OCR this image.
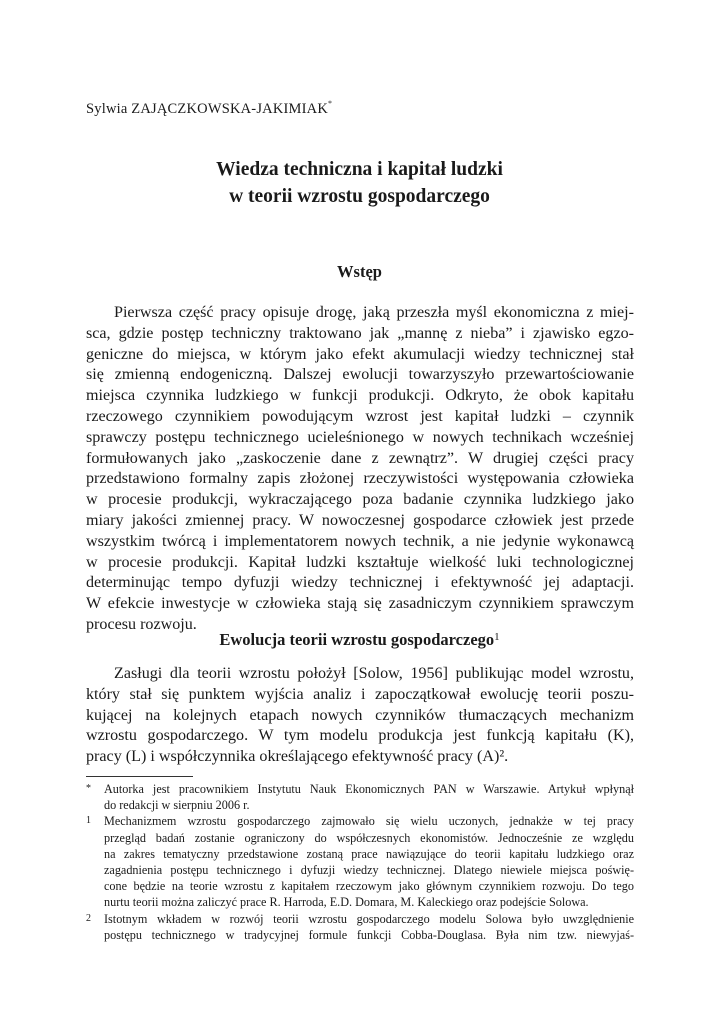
Sylwia ZAJĄCZKOWSKA-JAKIMIAK*
Wiedza techniczna i kapitał ludzki
w teorii wzrostu gospodarczego
Wstęp
Pierwsza część pracy opisuje drogę, jaką przeszła myśl ekonomiczna z miej-
sca, gdzie postęp techniczny traktowano jak „mannę z nieba” i zjawisko egzo-
geniczne do miejsca, w którym jako efekt akumulacji wiedzy technicznej stał
się zmienną endogeniczną. Dalszej ewolucji towarzyszyło przewartościowanie
miejsca czynnika ludzkiego w funkcji produkcji. Odkryto, że obok kapitału
rzeczowego czynnikiem powodującym wzrost jest kapitał ludzki – czynnik
sprawczy postępu technicznego ucieleśnionego w nowych technikach wcześniej
formułowanych jako „zaskoczenie dane z zewnątrz”. W drugiej części pracy
przedstawiono formalny zapis złożonej rzeczywistości występowania człowieka
w procesie produkcji, wykraczającego poza badanie czynnika ludzkiego jako
miary jakości zmiennej pracy. W nowoczesnej gospodarce człowiek jest przede
wszystkim twórcą i implementatorem nowych technik, a nie jedynie wykonawcą
w procesie produkcji. Kapitał ludzki kształtuje wielkość luki technologicznej
determinując tempo dyfuzji wiedzy technicznej i efektywność jej adaptacji.
W efekcie inwestycje w człowieka stają się zasadniczym czynnikiem sprawczym
procesu rozwoju.
Ewolucja teorii wzrostu gospodarczego$^1$
Zasługi dla teorii wzrostu położył [Solow, 1956] publikując model wzrostu,
który stał się punktem wyjścia analiz i zapoczątkował ewolucję teorii poszu-
kującej na kolejnych etapach nowych czynników tłumaczących mechanizm
wzrostu gospodarczego. W tym modelu produkcja jest funkcją kapitału (K),
pracy (L) i współczynnika określającego efektywność pracy (A)².
*	Autorka jest pracownikiem Instytutu Nauk Ekonomicznych PAN w Warszawie. Artykuł wpłynął
do redakcji w sierpniu 2006 r.
1	Mechanizmem wzrostu gospodarczego zajmowało się wielu uczonych, jednakże w tej pracy
przegląd badań zostanie ograniczony do współczesnych ekonomistów. Jednocześnie ze względu
na zakres tematyczny przedstawione zostaną prace nawiązujące do teorii kapitału ludzkiego oraz
zagadnienia postępu technicznego i dyfuzji wiedzy technicznej. Dlatego niewiele miejsca poświę-
cone będzie na teorie wzrostu z kapitałem rzeczowym jako głównym czynnikiem rozwoju. Do tego
nurtu teorii można zaliczyć prace R. Harroda, E.D. Domara, M. Kaleckiego oraz podejście Solowa.
2	Istotnym wkładem w rozwój teorii wzrostu gospodarczego modelu Solowa było uwzględnienie
postępu technicznego w tradycyjnej formule funkcji Cobba-Douglasa. Była nim tzw. niewyjaś-
